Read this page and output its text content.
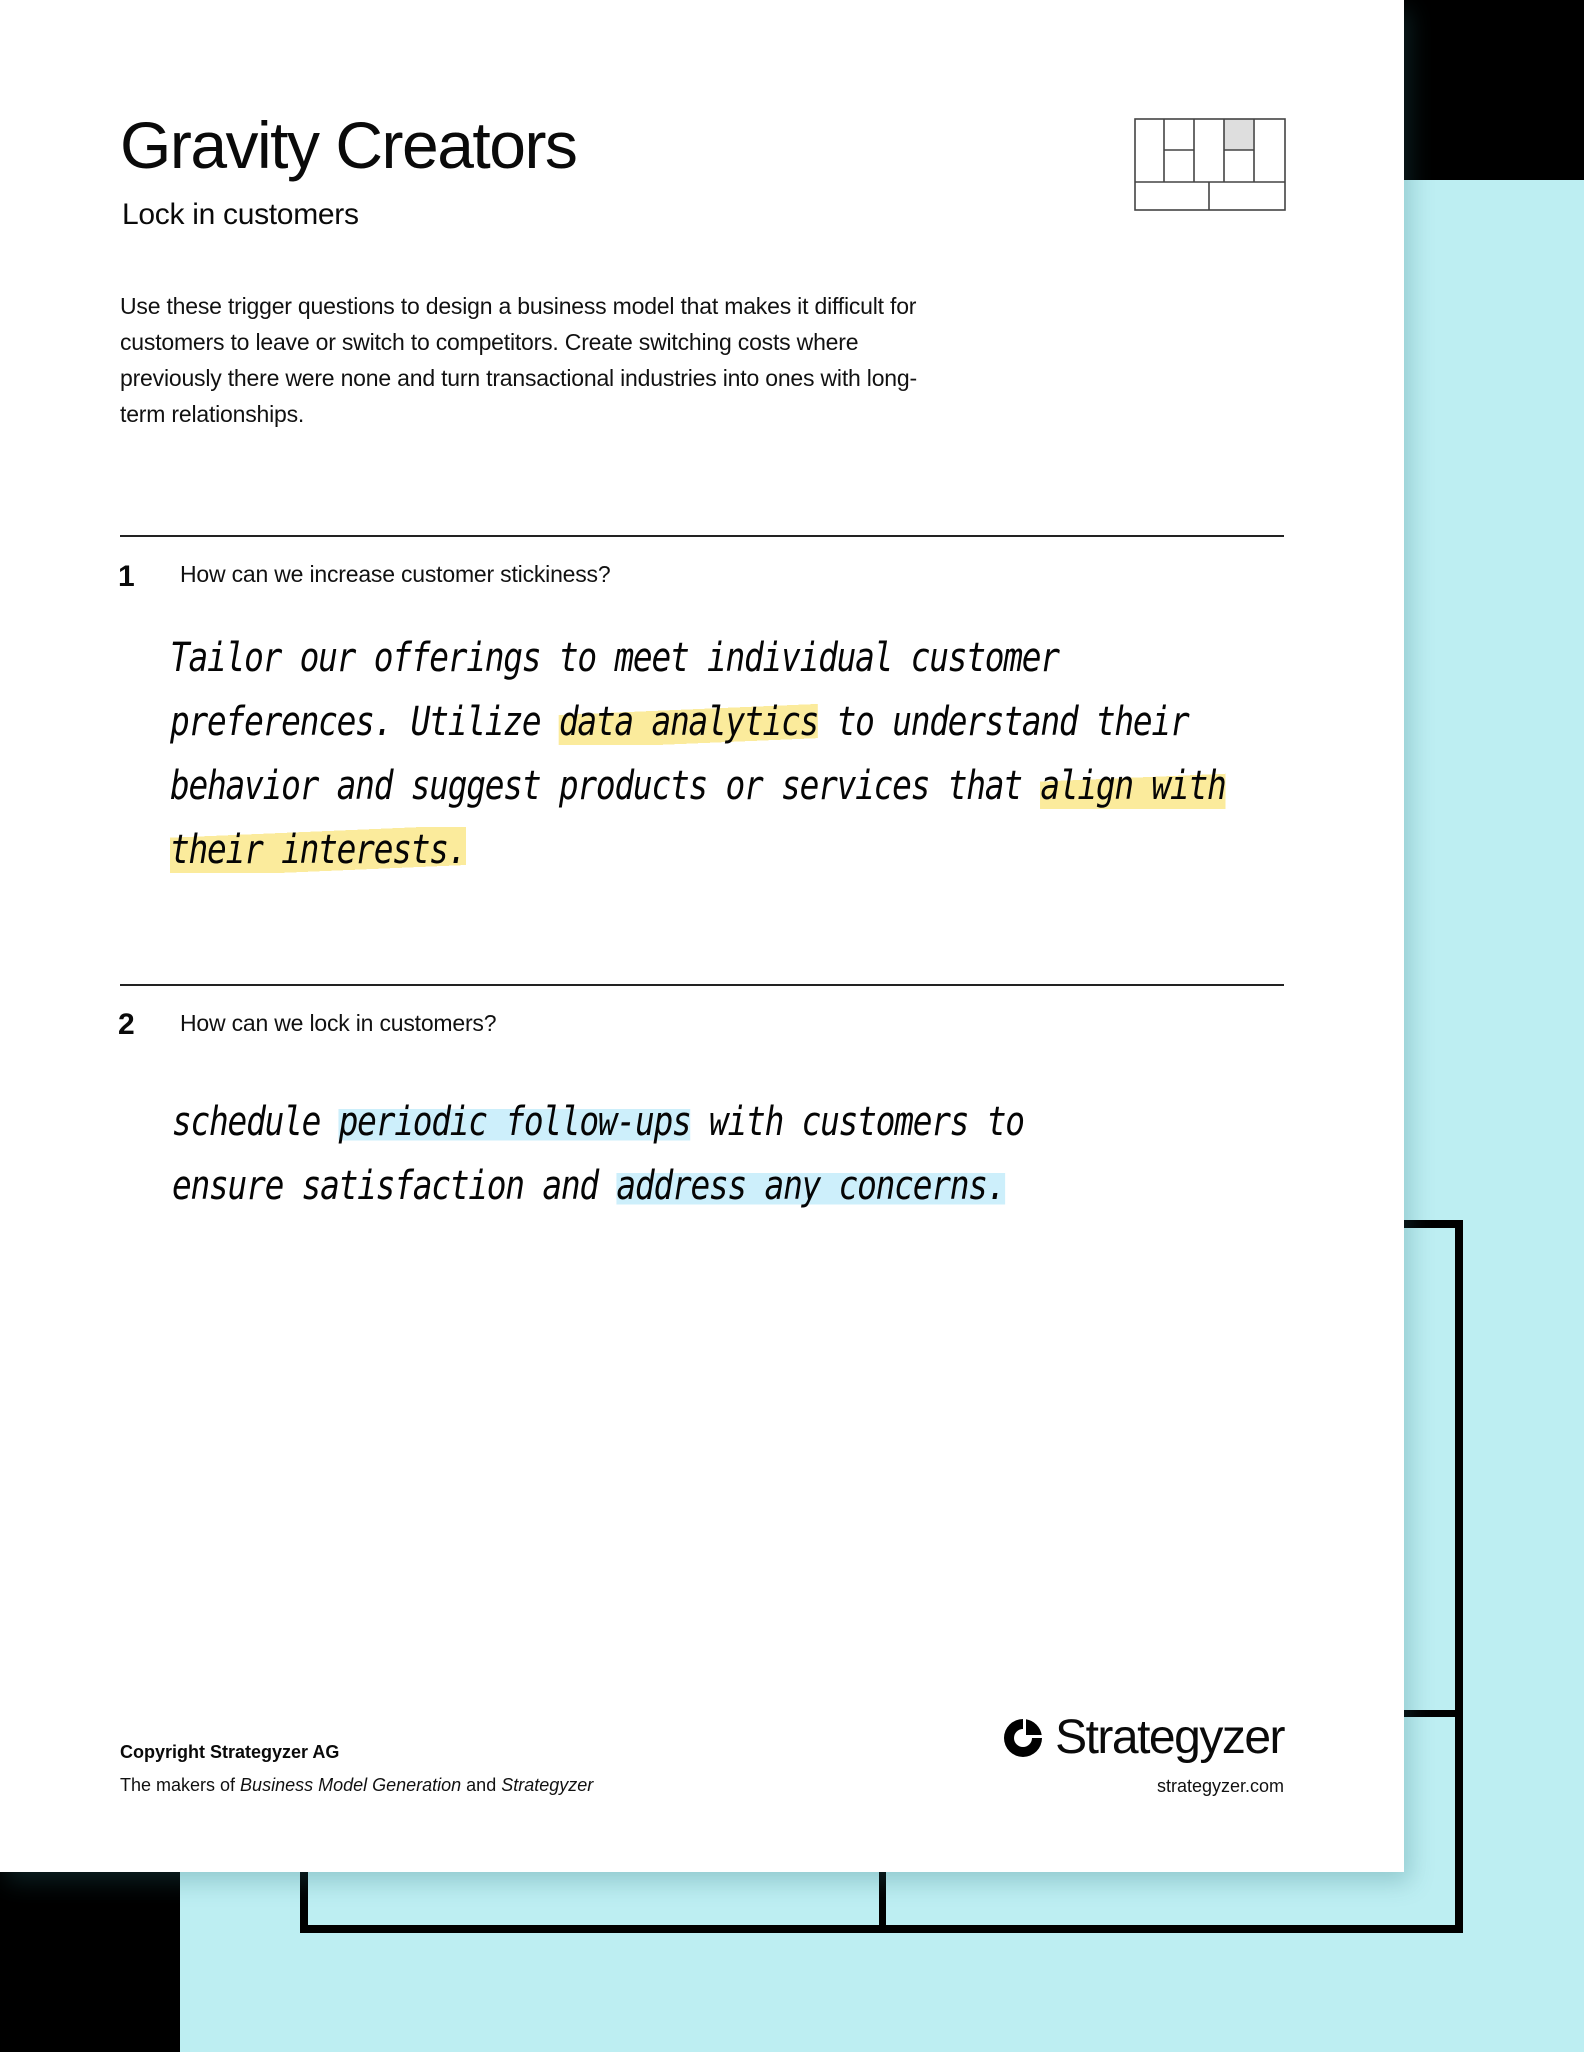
Gravity Creators
Lock in customers

Use these trigger questions to design a business model that makes it difficult for customers to leave or switch to competitors. Create switching costs where previously there were none and turn transactional industries into ones with long-term relationships.

1 How can we increase customer stickiness?
Tailor our offerings to meet individual customer preferences. Utilize data analytics to understand their behavior and suggest products or services that align with their interests.
2 How can we lock in customers?
schedule periodic follow-ups with customers to ensure satisfaction and address any concerns.
Copyright Strategyzer AG
The makers of Business Model Generation and Strategyzer
Strategyzer
strategyzer.com
